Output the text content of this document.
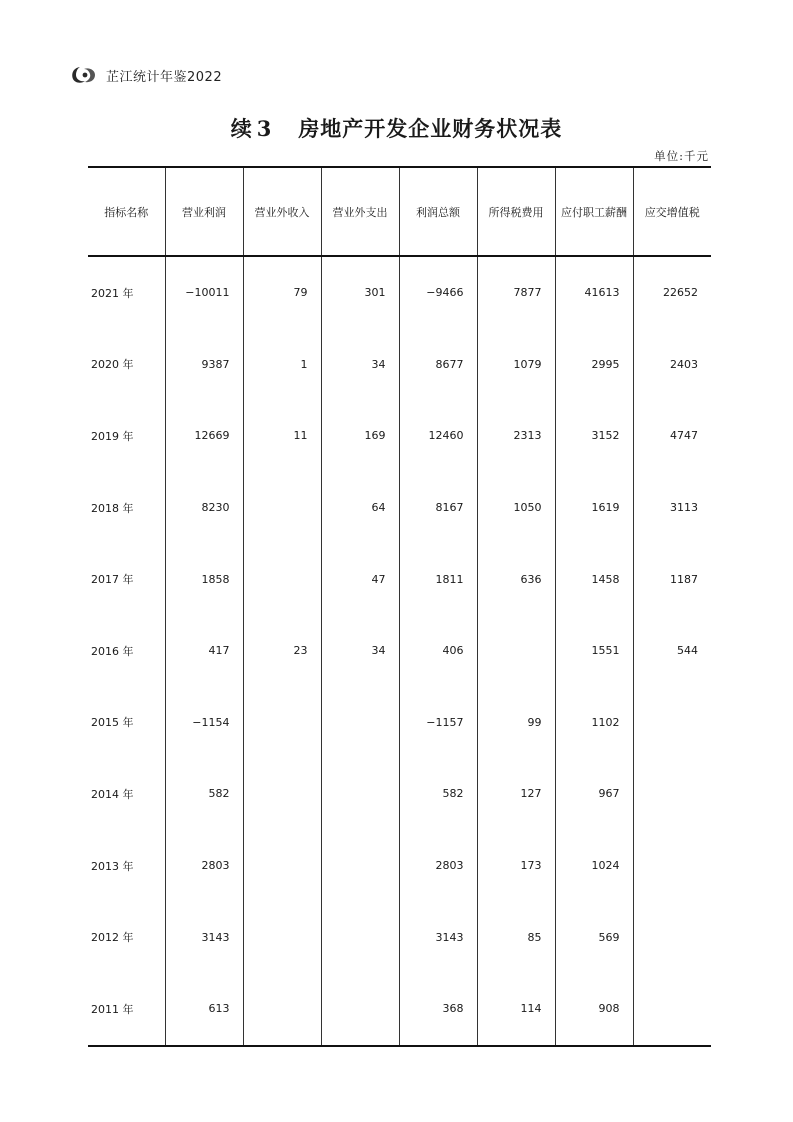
芷江统计年鉴2022
续 3 房地产开发企业财务状况表
单位:千元
指标名称	营业利润	营业外收入	营业外支出	利润总额	所得税费用	应付职工薪酬	应交增值税
2021 年	−10011	79	301	−9466	7877	41613	22652
2020 年	9387	1	34	8677	1079	2995	2403
2019 年	12669	11	169	12460	2313	3152	4747
2018 年	8230		64	8167	1050	1619	3113
2017 年	1858		47	1811	636	1458	1187
2016 年	417	23	34	406		1551	544
2015 年	−1154			−1157	99	1102	
2014 年	582			582	127	967	
2013 年	2803			2803	173	1024	
2012 年	3143			3143	85	569	
2011 年	613			368	114	908	
